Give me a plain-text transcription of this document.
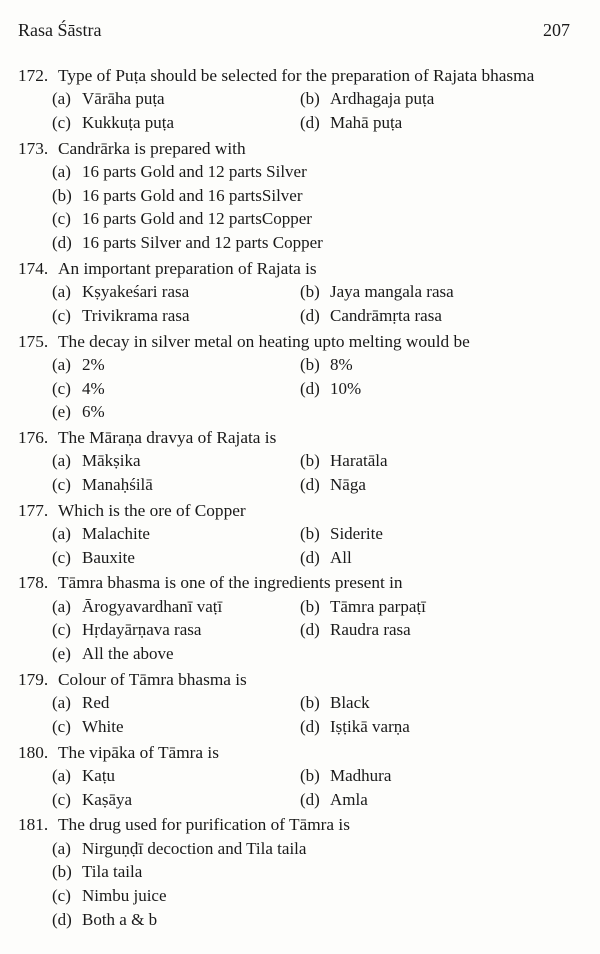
Rasa Śāstra	207
172. Type of Puṭa should be selected for the preparation of Rajata bhasma
(a) Vārāha puṭa	(b) Ardhagaja puṭa
(c) Kukkuṭa puṭa	(d) Mahā puṭa
173. Candrārka is prepared with
(a) 16 parts Gold and 12 parts Silver
(b) 16 parts Gold and 16 partsSilver
(c) 16 parts Gold and 12 partsCopper
(d) 16 parts Silver and 12 parts Copper
174. An important preparation of Rajata is
(a) Kṣyakeśari rasa	(b) Jaya mangala rasa
(c) Trivikrama rasa	(d) Candrāmṛta rasa
175. The decay in silver metal on heating upto melting would be
(a) 2%	(b) 8%
(c) 4%	(d) 10%
(e) 6%
176. The Māraṇa dravya of Rajata is
(a) Mākṣika	(b) Haratāla
(c) Manaḥśilā	(d) Nāga
177. Which is the ore of Copper
(a) Malachite	(b) Siderite
(c) Bauxite	(d) All
178. Tāmra bhasma is one of the ingredients present in
(a) Ārogyavardhanī vaṭī	(b) Tāmra parpaṭī
(c) Hṛdayārṇava rasa	(d) Raudra rasa
(e) All the above
179. Colour of Tāmra bhasma is
(a) Red	(b) Black
(c) White	(d) Iṣṭikā varṇa
180. The vipāka of Tāmra is
(a) Kaṭu	(b) Madhura
(c) Kaṣāya	(d) Amla
181. The drug used for purification of Tāmra is
(a) Nirguṇḍī decoction and Tila taila
(b) Tila taila
(c) Nimbu juice
(d) Both a & b
